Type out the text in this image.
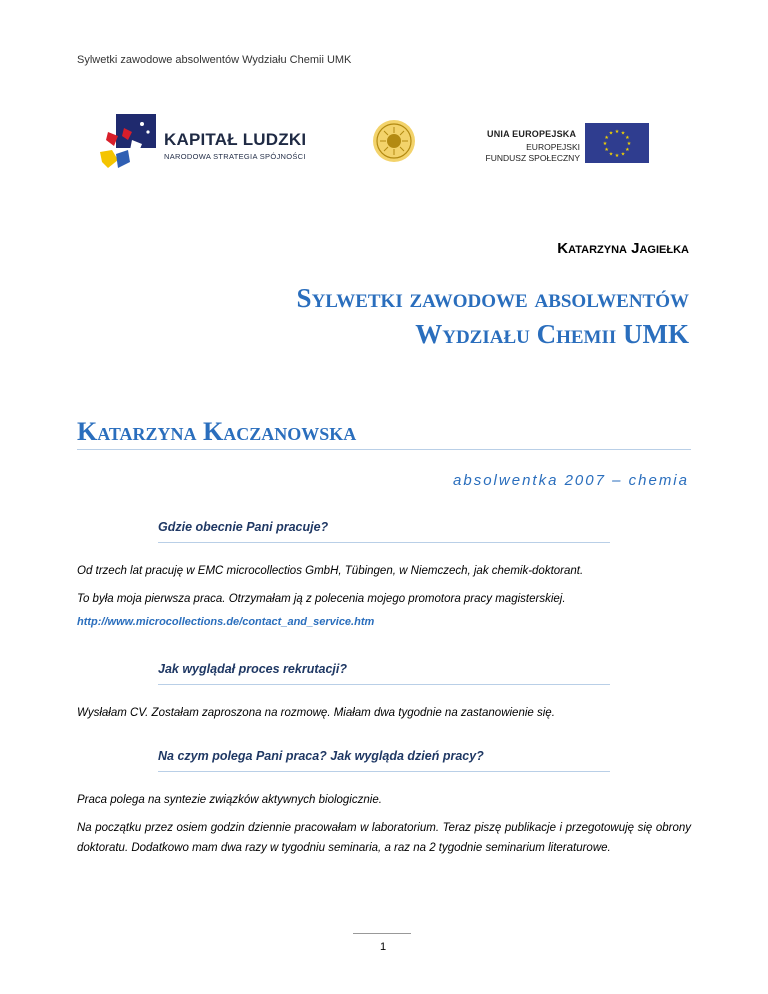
Sylwetki zawodowe absolwentów Wydziału Chemii UMK
KAPITAŁ LUDZKI
NARODOWA STRATEGIA SPÓJNOŚCI
UNIA EUROPEJSKA
EUROPEJSKI
FUNDUSZ SPOŁECZNY
★ ★
★
★
★
★
★
★
★
★
★
★
Katarzyna Jagiełka
Sylwetki zawodowe absolwentów
Wydziału Chemii UMK
Katarzyna Kaczanowska
absolwentka 2007 – chemia
Gdzie obecnie Pani pracuje?
Od trzech lat pracuję w EMC microcollectios GmbH, Tübingen, w Niemczech, jak chemik-doktorant.
To była moja pierwsza praca. Otrzymałam ją z polecenia mojego promotora pracy magisterskiej.
http://www.microcollections.de/contact_and_service.htm
Jak wyglądał proces rekrutacji?
Wysłałam CV. Zostałam zaproszona na rozmowę. Miałam dwa tygodnie na zastanowienie się.
Na czym polega Pani praca? Jak wygląda dzień pracy?
Praca polega na syntezie związków aktywnych biologicznie.
Na początku przez osiem godzin dziennie pracowałam w laboratorium. Teraz piszę publikacje i przegotowuję się obrony doktoratu. Dodatkowo mam dwa razy w tygodniu seminaria, a raz na 2 tygodnie seminarium literaturowe.
1
